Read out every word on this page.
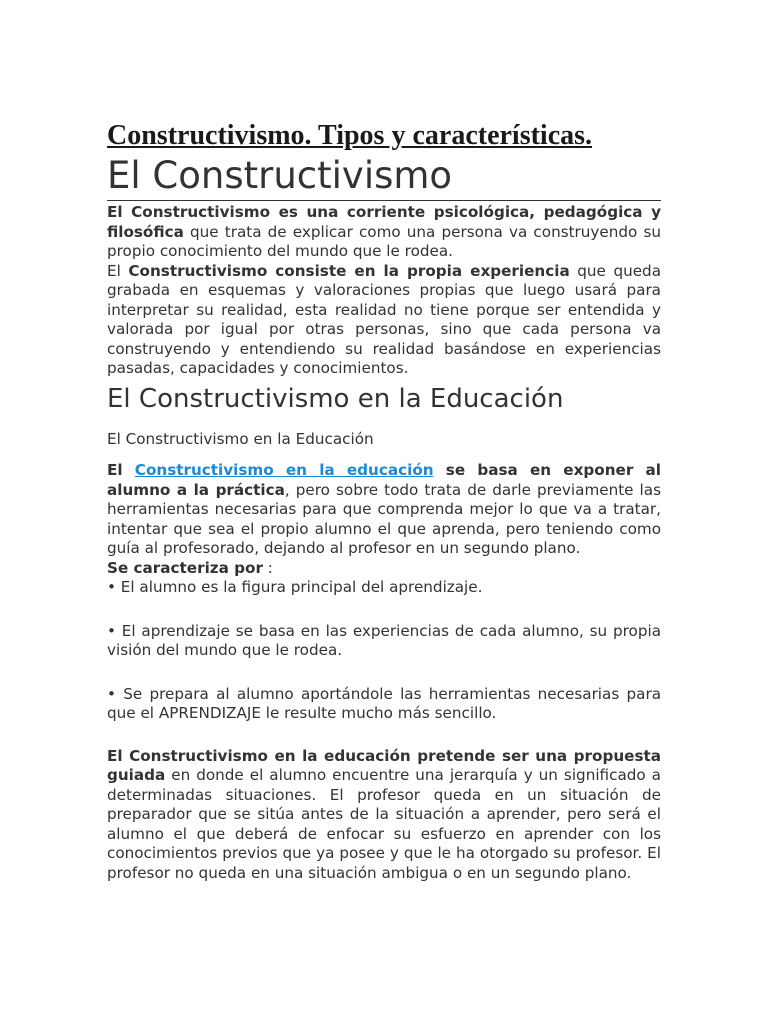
Constructivismo. Tipos y características.
El Constructivismo

El Constructivismo es una corriente psicológica, pedagógica y filosófica que trata de explicar como una persona va construyendo su propio conocimiento del mundo que le rodea.
El Constructivismo consiste en la propia experiencia que queda grabada en esquemas y valoraciones propias que luego usará para interpretar su realidad, esta realidad no tiene porque ser entendida y valorada por igual por otras personas, sino que cada persona va construyendo y entendiendo su realidad basándose en experiencias pasadas, capacidades y conocimientos.

El Constructivismo en la Educación

El Constructivismo en la Educación

El Constructivismo en la educación se basa en exponer al alumno a la práctica, pero sobre todo trata de darle previamente las herramientas necesarias para que comprenda mejor lo que va a tratar, intentar que sea el propio alumno el que aprenda, pero teniendo como guía al profesorado, dejando al profesor en un segundo plano.
Se caracteriza por :

• El alumno es la figura principal del aprendizaje.

• El aprendizaje se basa en las experiencias de cada alumno, su propia visión del mundo que le rodea.

• Se prepara al alumno aportándole las herramientas necesarias para que el APRENDIZAJE le resulte mucho más sencillo.

El Constructivismo en la educación pretende ser una propuesta guiada en donde el alumno encuentre una jerarquía y un significado a determinadas situaciones. El profesor queda en un situación de preparador que se sitúa antes de la situación a aprender, pero será el alumno el que deberá de enfocar su esfuerzo en aprender con los conocimientos previos que ya posee y que le ha otorgado su profesor. El profesor no queda en una situación ambigua o en un segundo plano.
